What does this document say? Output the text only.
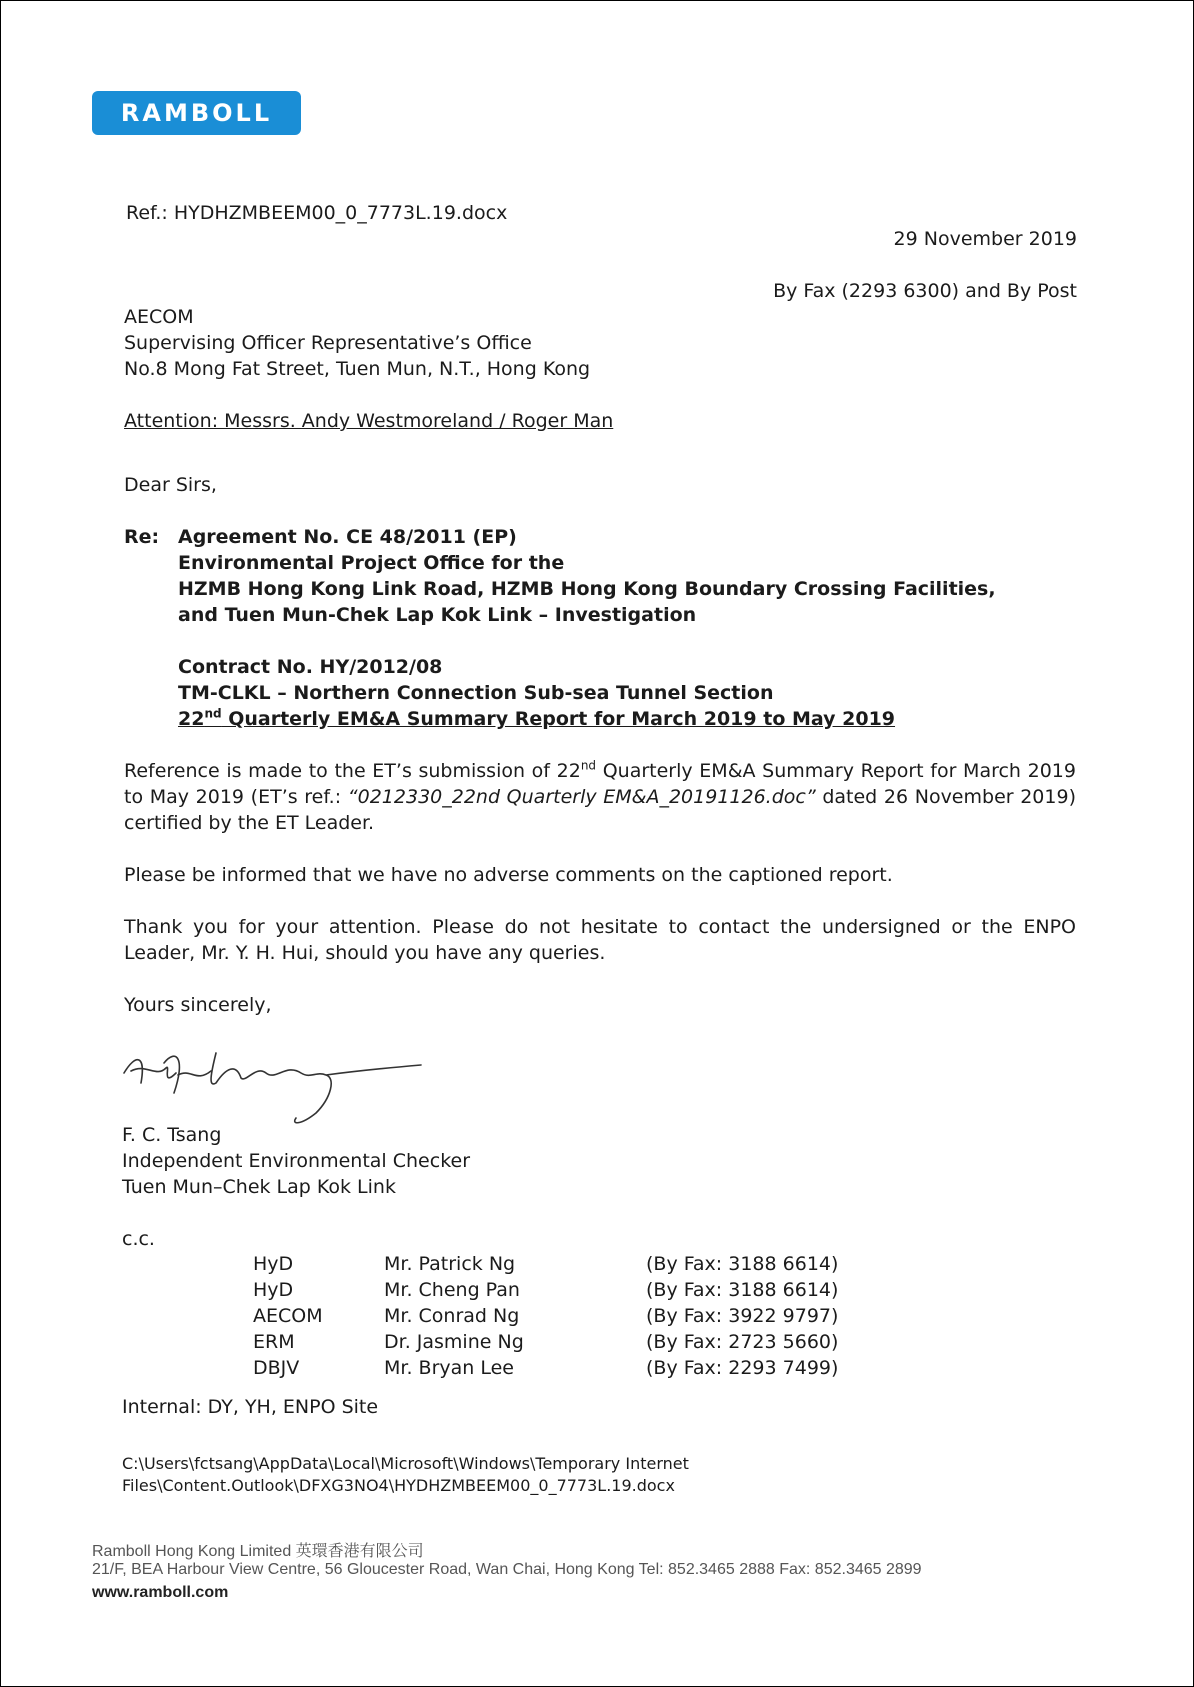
RAMBOLL
Ref.: HYDHZMBEEM00_0_7773L.19.docx
29 November 2019
By Fax (2293 6300) and By Post
AECOM
Supervising Officer Representative’s Office
No.8 Mong Fat Street, Tuen Mun, N.T., Hong Kong
Attention: Messrs. Andy Westmoreland / Roger Man
Dear Sirs,
Re: Agreement No. CE 48/2011 (EP)
Environmental Project Office for the
HZMB Hong Kong Link Road, HZMB Hong Kong Boundary Crossing Facilities,
and Tuen Mun-Chek Lap Kok Link – Investigation
Contract No. HY/2012/08
TM-CLKL – Northern Connection Sub-sea Tunnel Section
22nd Quarterly EM&A Summary Report for March 2019 to May 2019
Reference is made to the ET’s submission of 22nd Quarterly EM&A Summary Report for March 2019 to May 2019 (ET’s ref.: “0212330_22nd Quarterly EM&A_20191126.doc” dated 26 November 2019) certified by the ET Leader.
Please be informed that we have no adverse comments on the captioned report.
Thank you for your attention. Please do not hesitate to contact the undersigned or the ENPO Leader, Mr. Y. H. Hui, should you have any queries.
Yours sincerely,
F. C. Tsang
Independent Environmental Checker
Tuen Mun–Chek Lap Kok Link
c.c.
HyD	Mr. Patrick Ng	(By Fax: 3188 6614)
HyD	Mr. Cheng Pan	(By Fax: 3188 6614)
AECOM	Mr. Conrad Ng	(By Fax: 3922 9797)
ERM	Dr. Jasmine Ng	(By Fax: 2723 5660)
DBJV	Mr. Bryan Lee	(By Fax: 2293 7499)
Internal: DY, YH, ENPO Site
C:\Users\fctsang\AppData\Local\Microsoft\Windows\Temporary Internet
Files\Content.Outlook\DFXG3NO4\HYDHZMBEEM00_0_7773L.19.docx
Ramboll Hong Kong Limited 英環香港有限公司
21/F, BEA Harbour View Centre, 56 Gloucester Road, Wan Chai, Hong Kong Tel: 852.3465 2888 Fax: 852.3465 2899
www.ramboll.com
